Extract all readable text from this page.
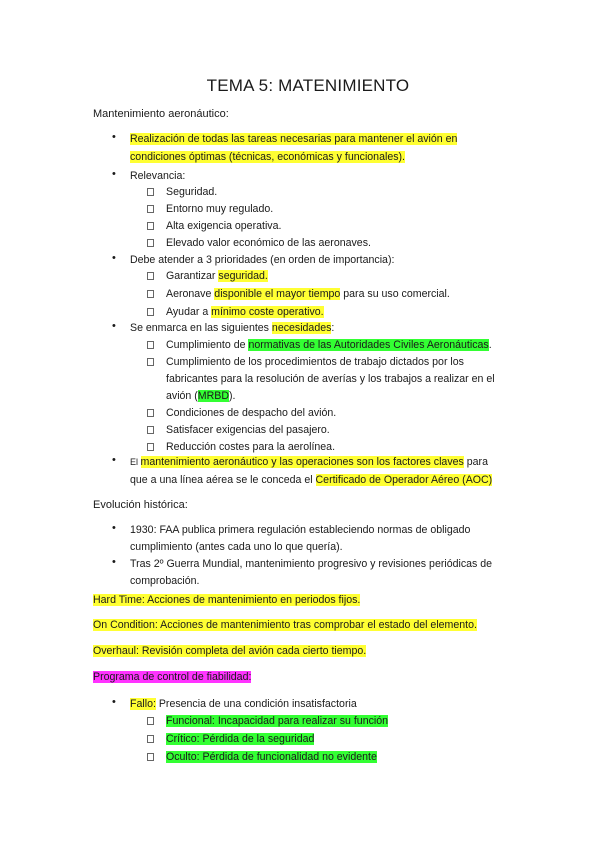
TEMA 5: MATENIMIENTO
Mantenimiento aeronáutico:
• Realización de todas las tareas necesarias para mantener el avión en
condiciones óptimas (técnicas, económicas y funcionales).
• Relevancia:
Seguridad.
Entorno muy regulado.
Alta exigencia operativa.
Elevado valor económico de las aeronaves.
• Debe atender a 3 prioridades (en orden de importancia):
Garantizar seguridad.
Aeronave disponible el mayor tiempo para su uso comercial.
Ayudar a mínimo coste operativo.
• Se enmarca en las siguientes necesidades:
Cumplimiento de normativas de las Autoridades Civiles Aeronáuticas.
Cumplimiento de los procedimientos de trabajo dictados por los
fabricantes para la resolución de averías y los trabajos a realizar en el
avión (MRBD).
Condiciones de despacho del avión.
Satisfacer exigencias del pasajero.
Reducción costes para la aerolínea.
• El mantenimiento aeronáutico y las operaciones son los factores claves para
que a una línea aérea se le conceda el Certificado de Operador Aéreo (AOC)
Evolución histórica:
• 1930: FAA publica primera regulación estableciendo normas de obligado
cumplimiento (antes cada uno lo que quería).
• Tras 2º Guerra Mundial, mantenimiento progresivo y revisiones periódicas de
comprobación.
Hard Time: Acciones de mantenimiento en periodos fijos.
On Condition: Acciones de mantenimiento tras comprobar el estado del elemento.
Overhaul: Revisión completa del avión cada cierto tiempo.
Programa de control de fiabilidad:
• Fallo: Presencia de una condición insatisfactoria
Funcional: Incapacidad para realizar su función
Crítico: Pérdida de la seguridad
Oculto: Pérdida de funcionalidad no evidente
